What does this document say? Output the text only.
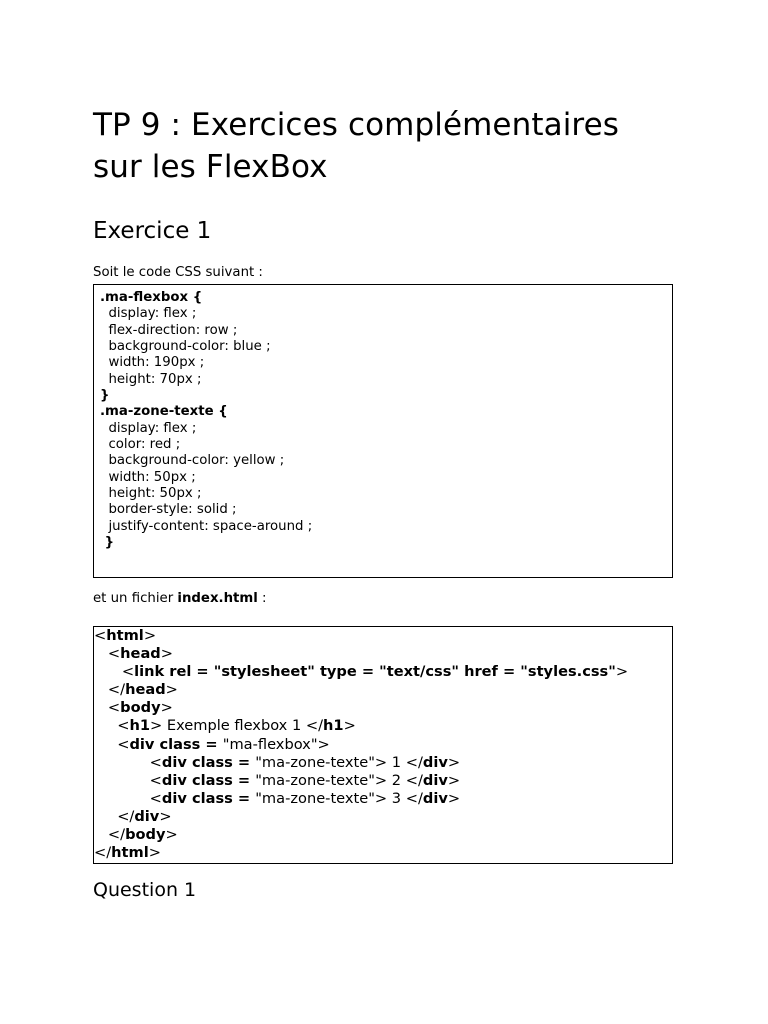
TP 9 : Exercices complémentaires
sur les FlexBox
Exercice 1

Soit le code CSS suivant :

.ma-flexbox {
display: flex ;
flex-direction: row ;
background-color: blue ;
width: 190px ;
height: 70px ;
}
.ma-zone-texte {
display: flex ;
color: red ;
background-color: yellow ;
width: 50px ;
height: 50px ;
border-style: solid ;
justify-content: space-around ;
}

et un fichier index.html :

<html>
<head>
<link rel = "stylesheet" type = "text/css" href = "styles.css">
</head>
<body>
<h1> Exemple flexbox 1 </h1>
<div class = "ma-flexbox">
<div class = "ma-zone-texte"> 1 </div>
<div class = "ma-zone-texte"> 2 </div>
<div class = "ma-zone-texte"> 3 </div>
</div>
</body>
</html>
Question 1
